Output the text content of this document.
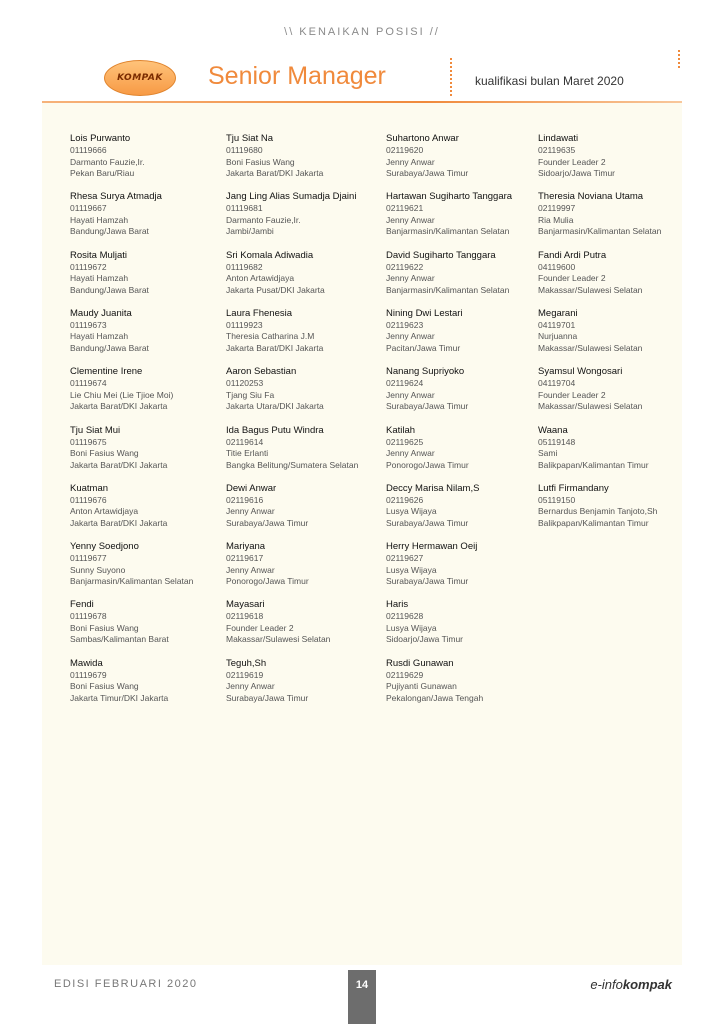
\\ KENAIKAN POSISI //
KOMPAK Senior Manager	kualifikasi bulan Maret 2020
Lois Purwanto
01119666
Darmanto Fauzie,Ir.
Pekan Baru/Riau
Rhesa Surya Atmadja
01119667
Hayati Hamzah
Bandung/Jawa Barat
Rosita Muljati
01119672
Hayati Hamzah
Bandung/Jawa Barat
Maudy Juanita
01119673
Hayati Hamzah
Bandung/Jawa Barat
Clementine Irene
01119674
Lie Chiu Mei (Lie Tjioe Moi)
Jakarta Barat/DKI Jakarta
Tju Siat Mui
01119675
Boni Fasius Wang
Jakarta Barat/DKI Jakarta
Kuatman
01119676
Anton Artawidjaya
Jakarta Barat/DKI Jakarta
Yenny Soedjono
01119677
Sunny Suyono
Banjarmasin/Kalimantan Selatan
Fendi
01119678
Boni Fasius Wang
Sambas/Kalimantan Barat
Mawida
01119679
Boni Fasius Wang
Jakarta Timur/DKI Jakarta
Tju Siat Na
01119680
Boni Fasius Wang
Jakarta Barat/DKI Jakarta
Jang Ling Alias Sumadja Djaini
01119681
Darmanto Fauzie,Ir.
Jambi/Jambi
Sri Komala Adiwadia
01119682
Anton Artawidjaya
Jakarta Pusat/DKI Jakarta
Laura Fhenesia
01119923
Theresia Catharina J.M
Jakarta Barat/DKI Jakarta
Aaron Sebastian
01120253
Tjang Siu Fa
Jakarta Utara/DKI Jakarta
Ida Bagus Putu Windra
02119614
Titie Erlanti
Bangka Belitung/Sumatera Selatan
Dewi Anwar
02119616
Jenny Anwar
Surabaya/Jawa Timur
Mariyana
02119617
Jenny Anwar
Ponorogo/Jawa Timur
Mayasari
02119618
Founder Leader 2
Makassar/Sulawesi Selatan
Teguh,Sh
02119619
Jenny Anwar
Surabaya/Jawa Timur
Suhartono Anwar
02119620
Jenny Anwar
Surabaya/Jawa Timur
Hartawan Sugiharto Tanggara
02119621
Jenny Anwar
Banjarmasin/Kalimantan Selatan
David Sugiharto Tanggara
02119622
Jenny Anwar
Banjarmasin/Kalimantan Selatan
Nining Dwi Lestari
02119623
Jenny Anwar
Pacitan/Jawa Timur
Nanang Supriyoko
02119624
Jenny Anwar
Surabaya/Jawa Timur
Katilah
02119625
Jenny Anwar
Ponorogo/Jawa Timur
Deccy Marisa Nilam,S
02119626
Lusya Wijaya
Surabaya/Jawa Timur
Herry Hermawan Oeij
02119627
Lusya Wijaya
Surabaya/Jawa Timur
Haris
02119628
Lusya Wijaya
Sidoarjo/Jawa Timur
Rusdi Gunawan
02119629
Pujiyanti Gunawan
Pekalongan/Jawa Tengah
Lindawati
02119635
Founder Leader 2
Sidoarjo/Jawa Timur
Theresia Noviana Utama
02119997
Ria Mulia
Banjarmasin/Kalimantan Selatan
Fandi Ardi Putra
04119600
Founder Leader 2
Makassar/Sulawesi Selatan
Megarani
04119701
Nurjuanna
Makassar/Sulawesi Selatan
Syamsul Wongosari
04119704
Founder Leader 2
Makassar/Sulawesi Selatan
Waana
05119148
Sami
Balikpapan/Kalimantan Timur
Lutfi Firmandany
05119150
Bernardus Benjamin Tanjoto,Sh
Balikpapan/Kalimantan Timur
EDISI FEBRUARI 2020	14	e-infokompak
